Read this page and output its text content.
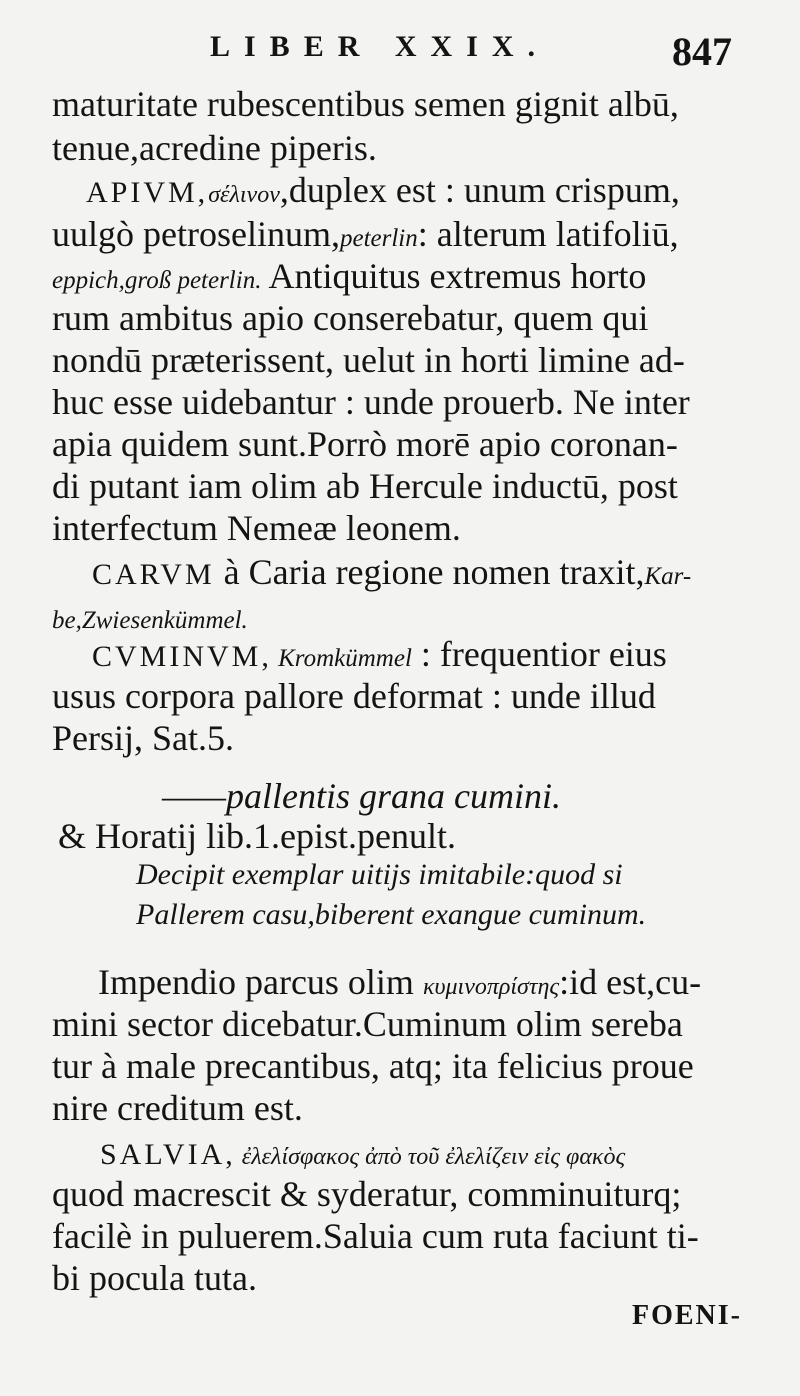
LIBER XXIX.	847
maturitate rubescentibus semen gignit albū,
tenue,acredine piperis.
APIVM,σέλινον,duplex est : unum crispum,
uulgò petroselinum,peterlin: alterum latifoliū,
eppich,groß peterlin. Antiquitus extremus horto
rum ambitus apio conserebatur, quem qui
nondū præterissent, uelut in horti limine ad-
huc esse uidebantur : unde prouerb. Ne inter
apia quidem sunt.Porrò morē apio coronan-
di putant iam olim ab Hercule inductū, post
interfectum Nemeæ leonem.
CARVM à Caria regione nomen traxit,Kar-
be,Zwiesenkümmel.
CVMINVM, Kromkümmel : frequentior eius
usus corpora pallore deformat : unde illud
Persij, Sat.5.
——pallentis grana cumini.
& Horatij lib.1.epist.penult.
Decipit exemplar uitijs imitabile:quod si
Pallerem casu,biberent exangue cuminum.
Impendio parcus olim κυμινοπρίστης:id est,cu-
mini sector dicebatur.Cuminum olim sereba
tur à male precantibus, atq; ita felicius proue
nire creditum est.
SALVIA, ἐλελίσφακος ἀπὸ τοῦ ἐλελίζειν εἰς φακὸς
quod macrescit & syderatur, comminuiturq;
facilè in puluerem.Saluia cum ruta faciunt ti-
bi pocula tuta.
FOENI-
